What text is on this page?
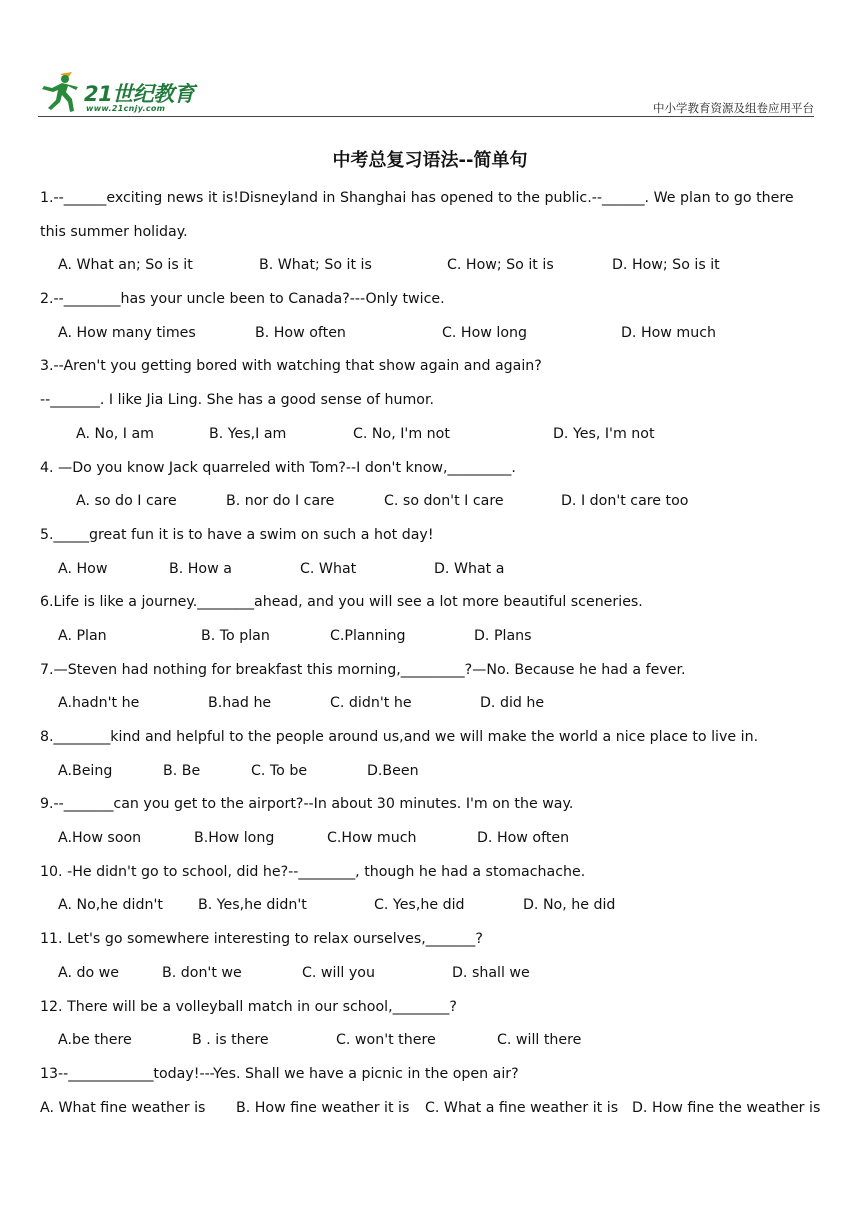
21世纪教育
www.21cnjy.com	中小学教育资源及组卷应用平台
中考总复习语法--简单句
1.--______exciting news it is!Disneyland in Shanghai has opened to the public.--______. We plan to go there
this summer holiday.
A. What an; So is it	B. What; So it is	C. How; So it is	D. How; So is it
2.--________has your uncle been to Canada?---Only twice.
A. How many times	B. How often	C. How long	D. How much
3.--Aren't you getting bored with watching that show again and again?
--_______. I like Jia Ling. She has a good sense of humor.
A. No, I am	B. Yes,I am	C. No, I'm not	D. Yes, I'm not
4. —Do you know Jack quarreled with Tom?--I don't know,_________.
A. so do I care	B. nor do I care	C. so don't I care	D. I don't care too
5._____great fun it is to have a swim on such a hot day!
A. How	B. How a	C. What	D. What a
6.Life is like a journey.________ahead, and you will see a lot more beautiful sceneries.
A. Plan	B. To plan	C.Planning	D. Plans
7.—Steven had nothing for breakfast this morning,_________?—No. Because he had a fever.
A.hadn't he	B.had he	C. didn't he	D. did he
8.________kind and helpful to the people around us,and we will make the world a nice place to live in.
A.Being	B. Be	C. To be	D.Been
9.--_______can you get to the airport?--In about 30 minutes. I'm on the way.
A.How soon	B.How long	C.How much	D. How often
10. -He didn't go to school, did he?--________, though he had a stomachache.
A. No,he didn't B. Yes,he didn't	C. Yes,he did	D. No, he did
11. Let's go somewhere interesting to relax ourselves,_______?
A. do we	B. don't we	C. will you	D. shall we
12. There will be a volleyball match in our school,________?
A.be there	B . is there	C. won't there	C. will there
13--____________today!---Yes. Shall we have a picnic in the open air?
A. What fine weather is B. How fine weather it is C. What a fine weather it is D. How fine the weather is
